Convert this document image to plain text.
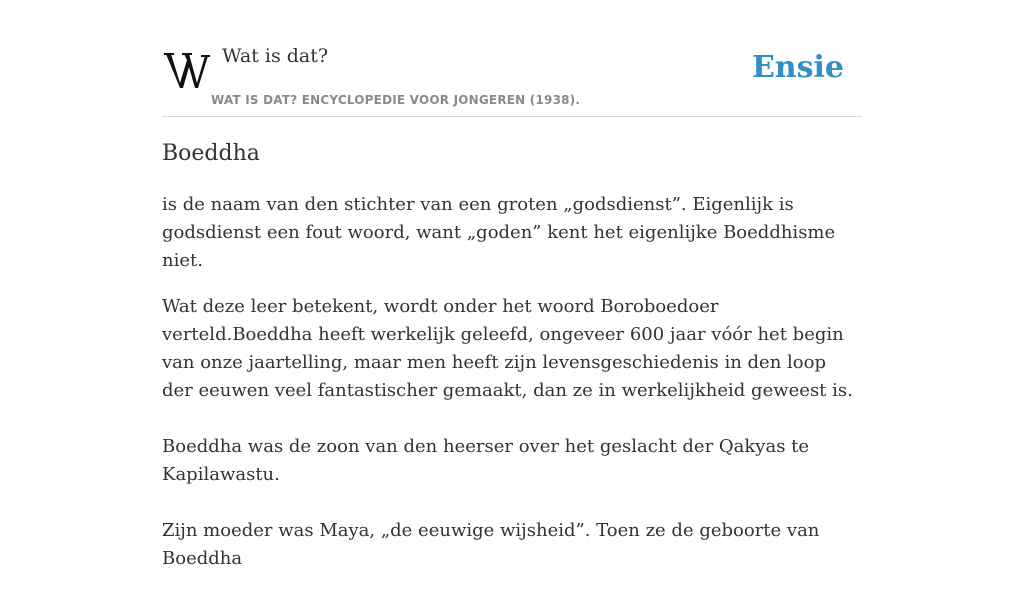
Wat is dat?
WAT IS DAT? ENCYCLOPEDIE VOOR JONGEREN (1938).
Ensie
Boeddha

is de naam van den stichter van een groten „godsdienst”. Eigenlijk is godsdienst een fout woord, want „goden” kent het eigenlijke Boeddhisme niet.

Wat deze leer betekent, wordt onder het woord Boroboedoer verteld.Boeddha heeft werkelijk geleefd, ongeveer 600 jaar vóór het begin van onze jaartelling, maar men heeft zijn levensgeschiedenis in den loop der eeuwen veel fantastischer gemaakt, dan ze in werkelijkheid geweest is.

Boeddha was de zoon van den heerser over het geslacht der Qakyas te Kapilawastu.

Zijn moeder was Maya, „de eeuwige wijsheid”. Toen ze de geboorte van Boeddha
